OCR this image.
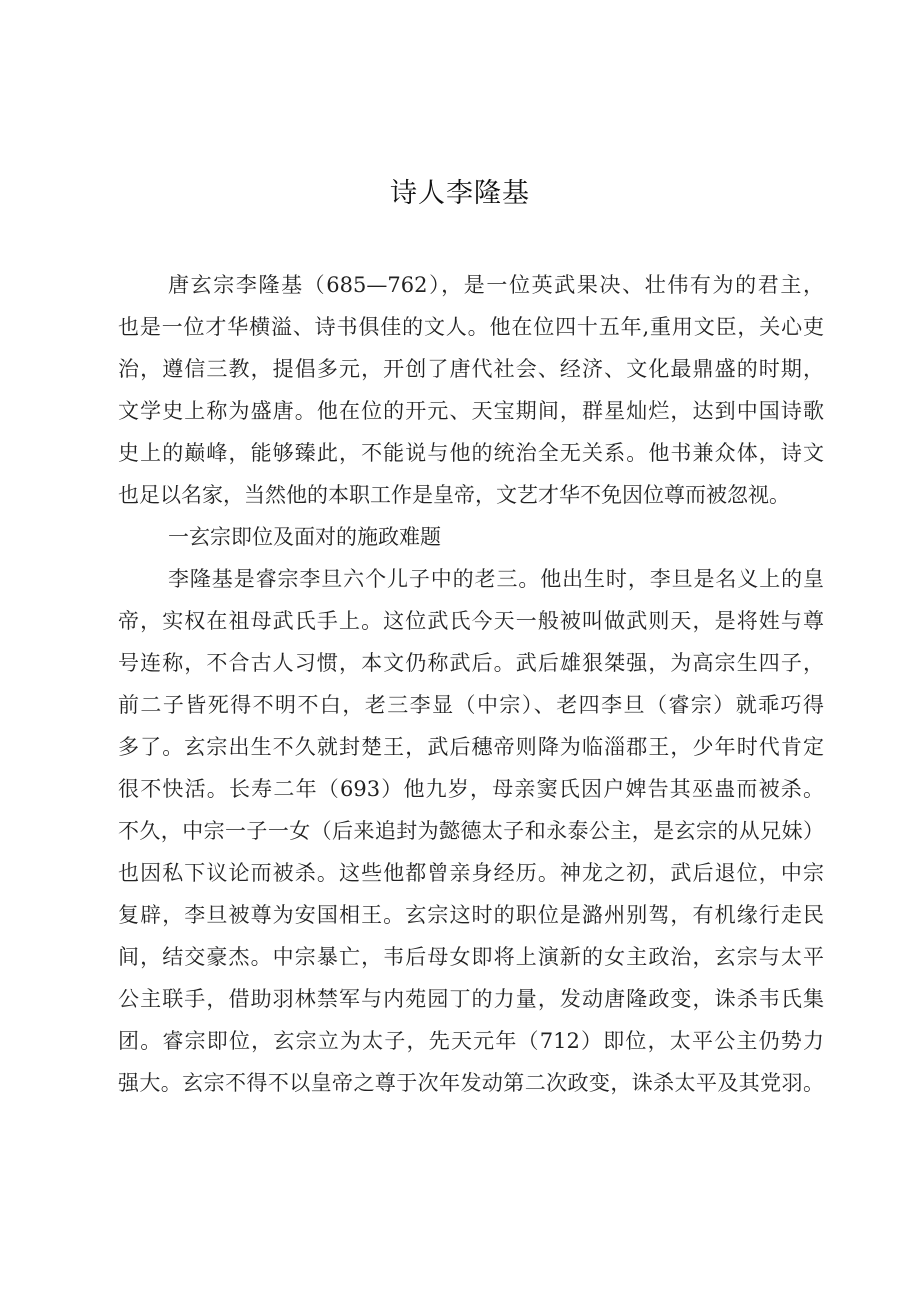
诗人李隆基
唐玄宗李隆基（685—762），是一位英武果决、壮伟有为的君主，
也是一位才华横溢、诗书俱佳的文人。他在位四十五年,重用文臣，关心吏
治，遵信三教，提倡多元，开创了唐代社会、经济、文化最鼎盛的时期，
文学史上称为盛唐。他在位的开元、天宝期间，群星灿烂，达到中国诗歌
史上的巅峰，能够臻此，不能说与他的统治全无关系。他书兼众体，诗文
也足以名家，当然他的本职工作是皇帝，文艺才华不免因位尊而被忽视。
一玄宗即位及面对的施政难题
李隆基是睿宗李旦六个儿子中的老三。他出生时，李旦是名义上的皇
帝，实权在祖母武氏手上。这位武氏今天一般被叫做武则天，是将姓与尊
号连称，不合古人习惯，本文仍称武后。武后雄狠桀强，为高宗生四子，
前二子皆死得不明不白，老三李显（中宗）、老四李旦（睿宗）就乖巧得
多了。玄宗出生不久就封楚王，武后穗帝则降为临淄郡王，少年时代肯定
很不快活。长寿二年（693）他九岁，母亲窦氏因户婢告其巫蛊而被杀。
不久，中宗一子一女（后来追封为懿德太子和永泰公主，是玄宗的从兄妹）
也因私下议论而被杀。这些他都曾亲身经历。神龙之初，武后退位，中宗
复辟，李旦被尊为安国相王。玄宗这时的职位是潞州别驾，有机缘行走民
间，结交豪杰。中宗暴亡，韦后母女即将上演新的女主政治，玄宗与太平
公主联手，借助羽林禁军与内苑园丁的力量，发动唐隆政变，诛杀韦氏集
团。睿宗即位，玄宗立为太子，先天元年（712）即位，太平公主仍势力
强大。玄宗不得不以皇帝之尊于次年发动第二次政变，诛杀太平及其党羽。
